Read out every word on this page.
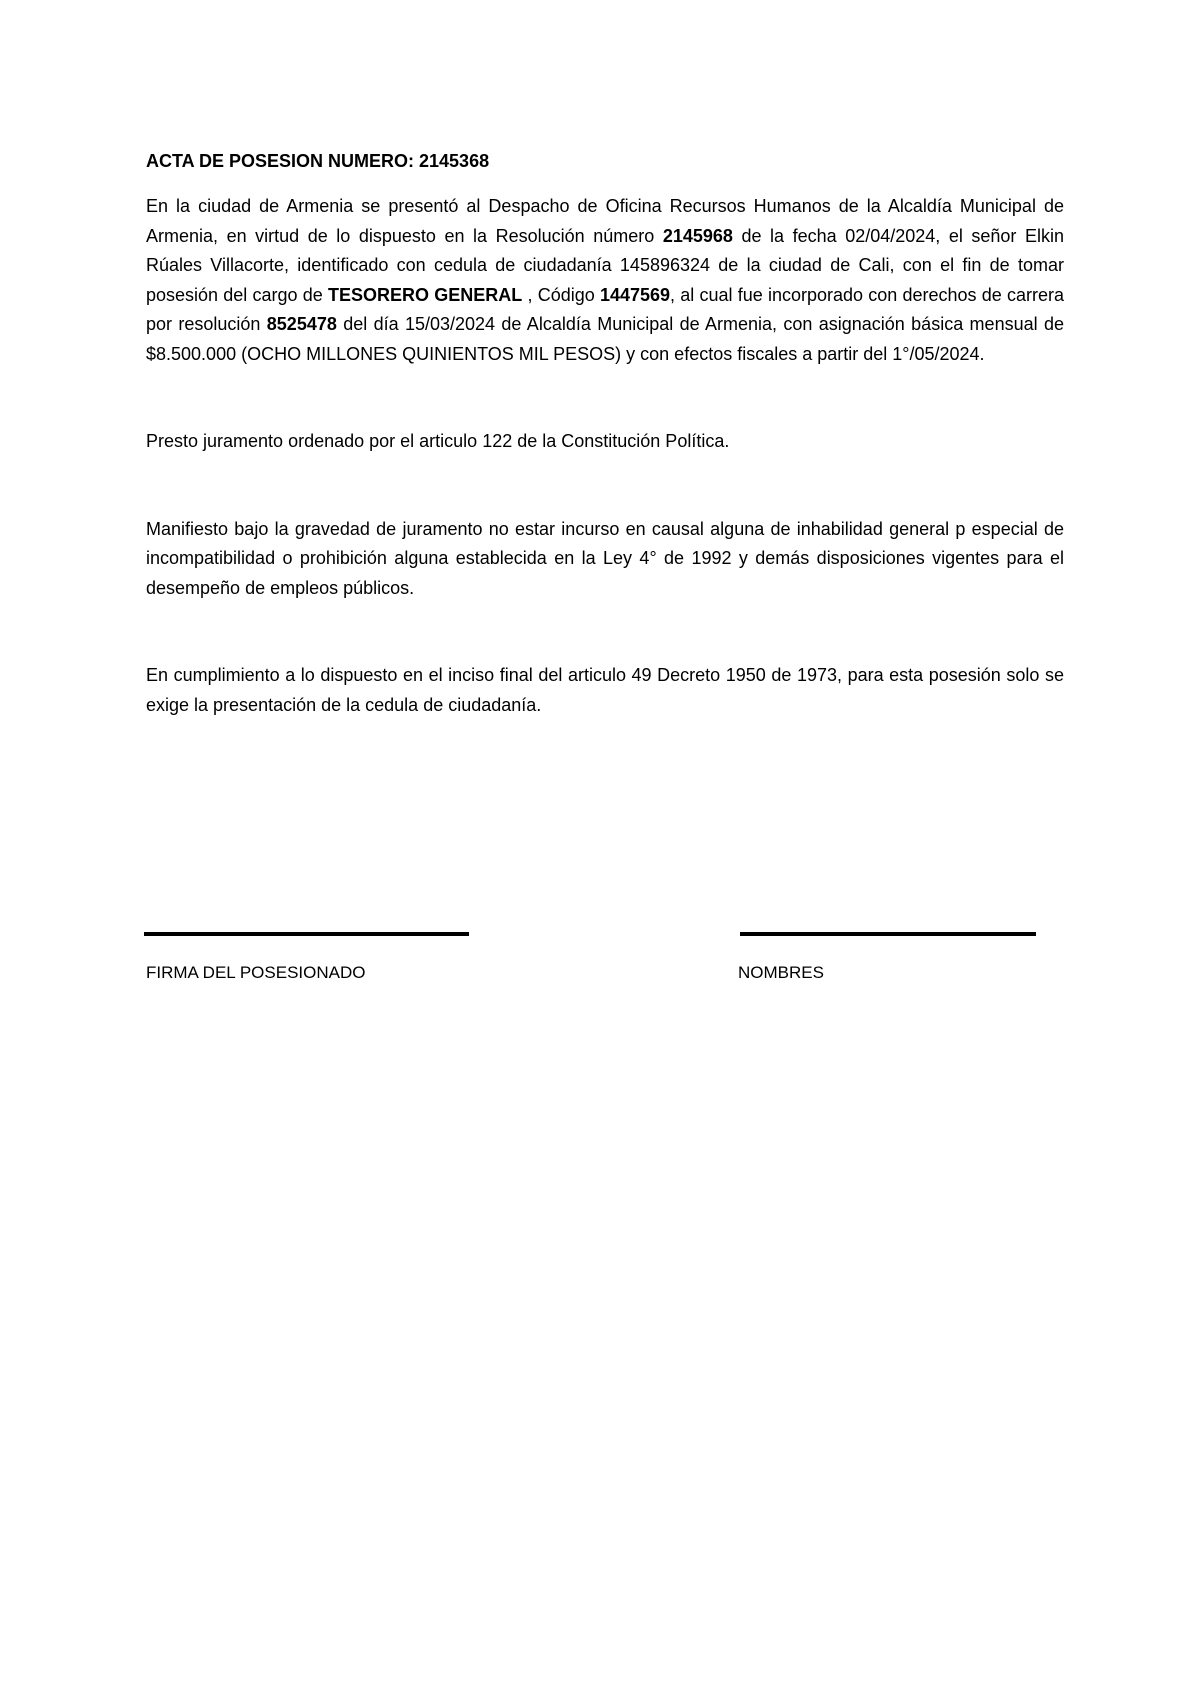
ACTA DE POSESION NUMERO: 2145368

En la ciudad de Armenia se presentó al Despacho de Oficina Recursos Humanos de la Alcaldía Municipal de Armenia, en virtud de lo dispuesto en la Resolución número 2145968 de la fecha 02/04/2024, el señor Elkin Rúales Villacorte, identificado con cedula de ciudadanía 145896324 de la ciudad de Cali, con el fin de tomar posesión del cargo de TESORERO GENERAL , Código 1447569, al cual fue incorporado con derechos de carrera por resolución 8525478 del día 15/03/2024 de Alcaldía Municipal de Armenia, con asignación básica mensual de $8.500.000 (OCHO MILLONES QUINIENTOS MIL PESOS) y con efectos fiscales a partir del 1°/05/2024.

Presto juramento ordenado por el articulo 122 de la Constitución Política.

Manifiesto bajo la gravedad de juramento no estar incurso en causal alguna de inhabilidad general p especial de incompatibilidad o prohibición alguna establecida en la Ley 4° de 1992 y demás disposiciones vigentes para el desempeño de empleos públicos.

En cumplimiento a lo dispuesto en el inciso final del articulo 49 Decreto 1950 de 1973, para esta posesión solo se exige la presentación de la cedula de ciudadanía.

FIRMA DEL POSESIONADO	NOMBRES
